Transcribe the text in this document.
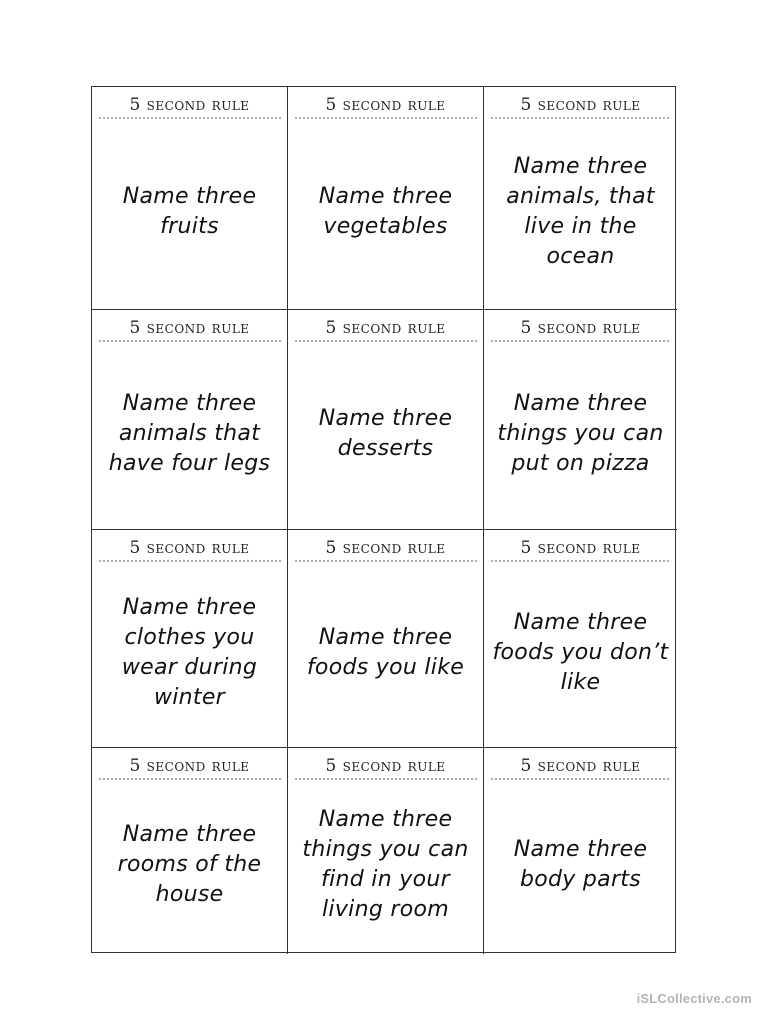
5 second rule
Name three fruits
5 second rule
Name three vegetables
5 second rule
Name three animals, that live in the ocean
5 second rule
Name three animals that have four legs
5 second rule
Name three desserts
5 second rule
Name three things you can put on pizza
5 second rule
Name three clothes you wear during winter
5 second rule
Name three foods you like
5 second rule
Name three foods you don’t like
5 second rule
Name three rooms of the house
5 second rule
Name three things you can find in your living room
5 second rule
Name three body parts
iSLCollective.com
